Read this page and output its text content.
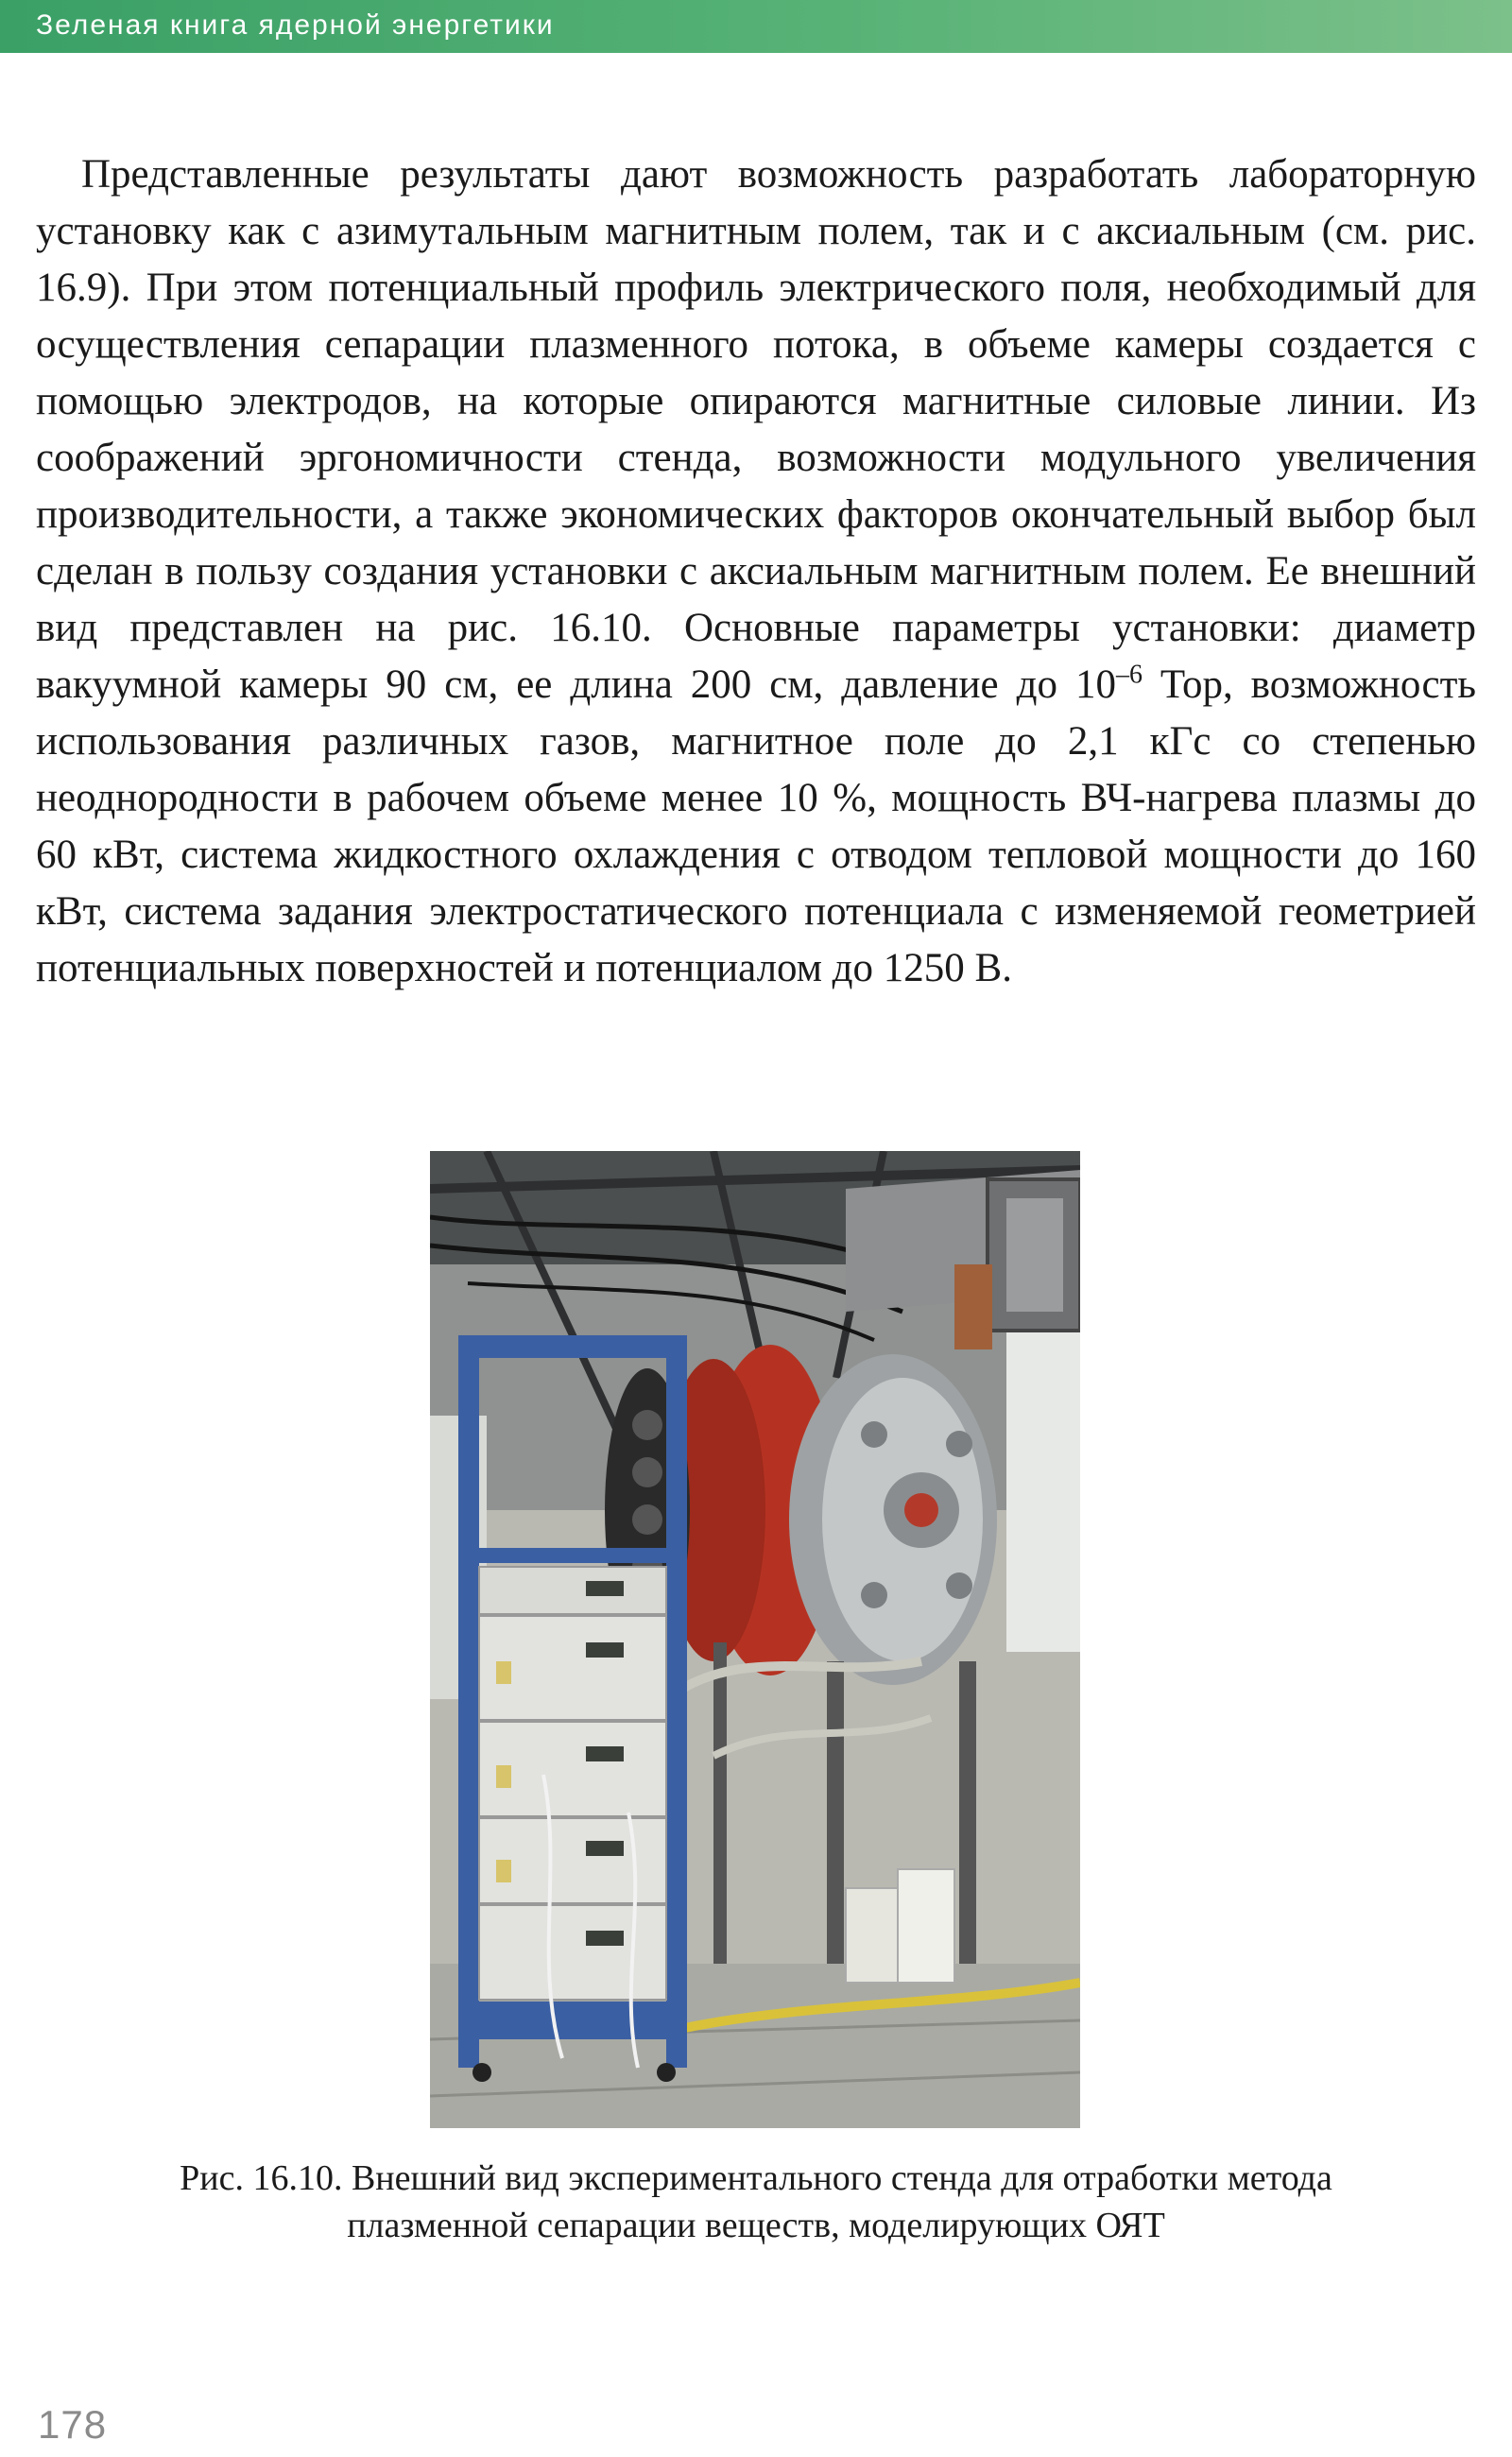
Зеленая книга ядерной энергетики

Представленные результаты дают возможность разработать лабораторную установку как с азимутальным магнитным полем, так и с аксиальным (см. рис. 16.9). При этом потенциальный профиль электрического поля, необходимый для осуществления сепарации плазменного потока, в объеме камеры создается с помощью электродов, на которые опираются магнитные силовые линии. Из соображений эргономичности стенда, возможности модульного увеличения производительности, а также экономических факторов окончательный выбор был сделан в пользу создания установки с аксиальным магнитным полем. Ее внешний вид представлен на рис. 16.10. Основные параметры установки: диаметр вакуумной камеры 90 см, ее длина 200 см, давление до $10^{-6}$ Тор, возможность использования различных газов, магнитное поле до 2,1 кГс со степенью неоднородности в рабочем объеме менее 10 %, мощность ВЧ-нагрева плазмы до 60 кВт, система жидкостного охлаждения с отводом тепловой мощности до 160 кВт, система задания электростатического потенциала с изменяемой геометрией потенциальных поверхностей и потенциалом до 1250 В.

Рис. 16.10. Внешний вид экспериментального стенда для отработки метода
плазменной сепарации веществ, моделирующих ОЯТ

178
